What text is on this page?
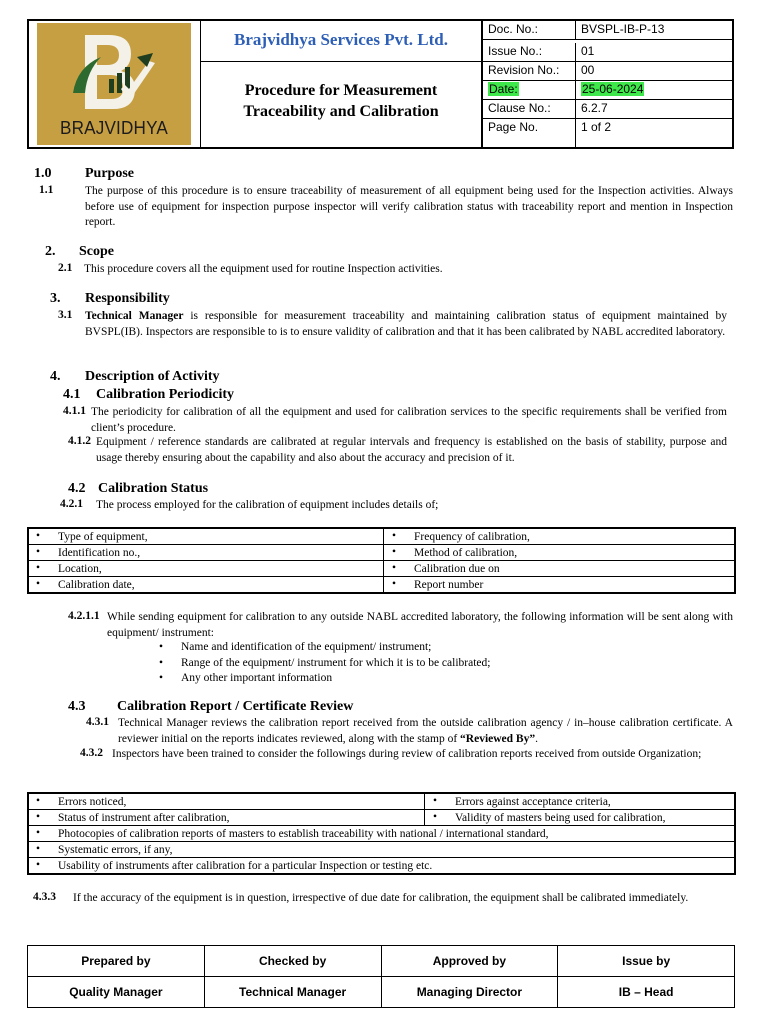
BRAJVIDHYA
Brajvidhya Services Pvt. Ltd.
Procedure for Measurement
Traceability and Calibration
Doc. No.:	BVSPL-IB-P-13
Issue No.:	01
Revision No.: 00
Date:	25-06-2024
Clause No.:	6.2.7
Page No.	1 of 2
1.0 Purpose
1.1	The purpose of this procedure is to ensure traceability of measurement of all equipment being used for the Inspection activities. Always before use of equipment for inspection purpose inspector will verify calibration status with traceability report and mention in Inspection report.
2. Scope
2.1 This procedure covers all the equipment used for routine Inspection activities.
3. Responsibility
3.1 Technical Manager is responsible for measurement traceability and maintaining calibration status of equipment maintained by BVSPL(IB). Inspectors are responsible to is to ensure validity of calibration and that it has been calibrated by NABL accredited laboratory.
4. Description of Activity
4.1 Calibration Periodicity
4.1.1 The periodicity for calibration of all the equipment and used for calibration services to the specific requirements shall be verified from client’s procedure.
4.1.2 Equipment / reference standards are calibrated at regular intervals and frequency is established on the basis of stability, purpose and usage thereby ensuring about the capability and also about the accuracy and precision of it.
4.2 Calibration Status
4.2.1 The process employed for the calibration of equipment includes details of;
• Type of equipment,	• Frequency of calibration,

• Identification no.,	• Method of calibration,

• Location,	• Calibration due on

• Calibration date,	• Report number
4.2.1.1 While sending equipment for calibration to any outside NABL accredited laboratory, the following information will be sent along with equipment/ instrument:
• Name and identification of the equipment/ instrument;
• Range of the equipment/ instrument for which it is to be calibrated;
• Any other important information
4.3 Calibration Report / Certificate Review
4.3.1 Technical Manager reviews the calibration report received from the outside calibration agency / in–house calibration certificate. A reviewer initial on the reports indicates reviewed, along with the stamp of “Reviewed By”.
4.3.2 Inspectors have been trained to consider the followings during review of calibration reports received from outside Organization;
• Errors noticed,	• Errors against acceptance criteria,

• Status of instrument after calibration,	• Validity of masters being used for calibration,

• Photocopies of calibration reports of masters to establish traceability with national / international standard,	

• Systematic errors, if any,	

• Usability of instruments after calibration for a particular Inspection or testing etc.	
4.3.3 If the accuracy of the equipment is in question, irrespective of due date for calibration, the equipment shall be calibrated immediately.
Prepared by	Checked by	Approved by	Issue by
Quality Manager	Technical Manager	Managing Director	IB – Head
